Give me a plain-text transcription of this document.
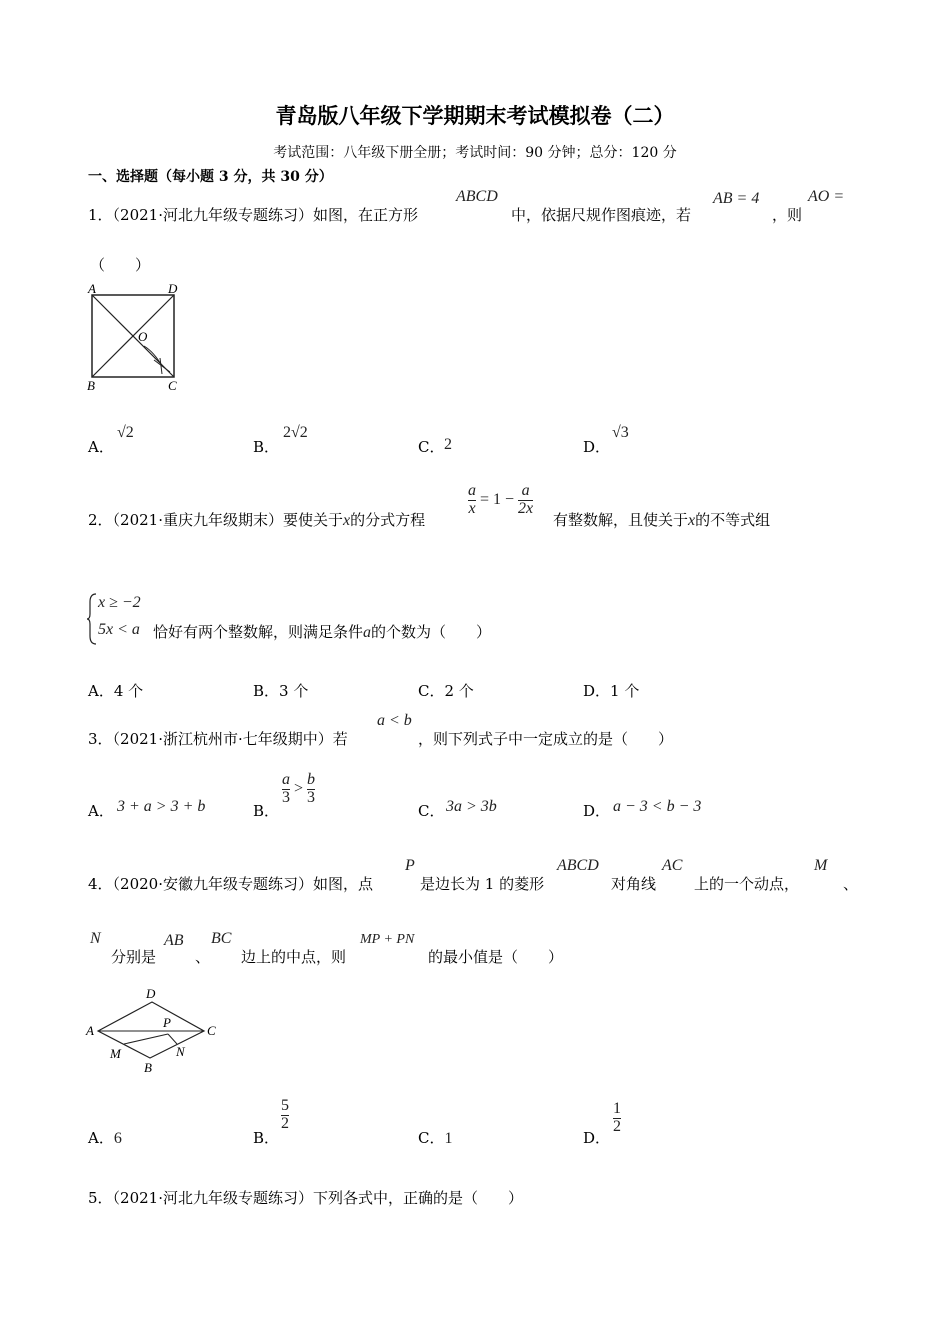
青岛版八年级下学期期末考试模拟卷（二）
考试范围：八年级下册全册；考试时间：90 分钟；总分：120 分
一、选择题（每小题 3 分，共 30 分）
1．（2021·河北九年级专题练习）如图，在正方形
ABCD
中，依据尺规作图痕迹，若
AB = 4
，则
AO =
（　　）
A	D
O
B	C
A．
√2
B．
2√2
C． 2	D．
√3
2．（2021·重庆九年级期末）要使关于x的分式方程
$\frac{a}{x} = 1 - \frac{a}{2x}$
有整数解，且使关于x的不等式组
x ≥ −2
5x < a 恰好有两个整数解，则满足条件a的个数为（　　）
A．4 个	B．3 个	C．2 个	D．1 个
3．（2021·浙江杭州市·七年级期中）若
a < b
，则下列式子中一定成立的是（　　）
A． 3 + a > 3 + b	B．
$\frac{a}{3} > \frac{b}{3}$
C． 3a > 3b	D． a − 3 < b − 3
4．（2020·安徽九年级专题练习）如图，点
P
是边长为 1 的菱形
ABCD
对角线
AC
上的一个动点，
M
、
N
分别是
AB
、
BC
边上的中点，则
MP + PN
的最小值是（　　）
D
A
P
C
M	N
B
A．6	B．
$\frac{5}{2}$
C．1	D．
$\frac{1}{2}$
5．（2021·河北九年级专题练习）下列各式中，正确的是（　　）
